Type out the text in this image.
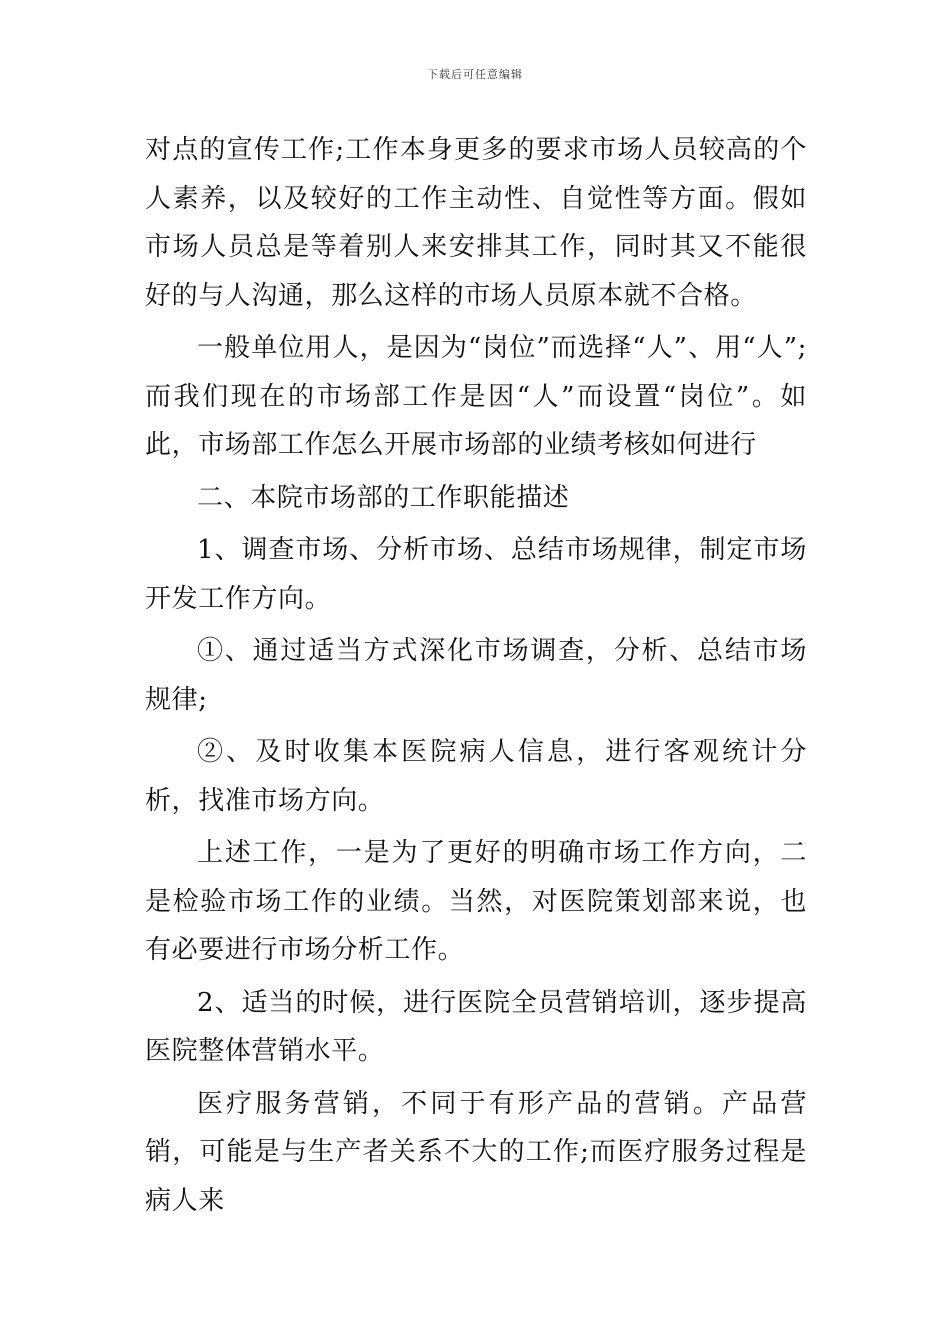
下载后可任意编辑

对点的宣传工作;工作本身更多的要求市场人员较高的个人素养，以及较好的工作主动性、自觉性等方面。假如市场人员总是等着别人来安排其工作，同时其又不能很好的与人沟通，那么这样的市场人员原本就不合格。

一般单位用人，是因为“岗位”而选择“人”、用“人”;而我们现在的市场部工作是因“人”而设置“岗位”。如此，市场部工作怎么开展市场部的业绩考核如何进行

二、本院市场部的工作职能描述

1、调查市场、分析市场、总结市场规律，制定市场开发工作方向。

①、通过适当方式深化市场调查，分析、总结市场规律;

②、及时收集本医院病人信息，进行客观统计分析，找准市场方向。

上述工作，一是为了更好的明确市场工作方向，二是检验市场工作的业绩。当然，对医院策划部来说，也有必要进行市场分析工作。

2、适当的时候，进行医院全员营销培训，逐步提高医院整体营销水平。

医疗服务营销，不同于有形产品的营销。产品营销，可能是与生产者关系不大的工作;而医疗服务过程是病人来
